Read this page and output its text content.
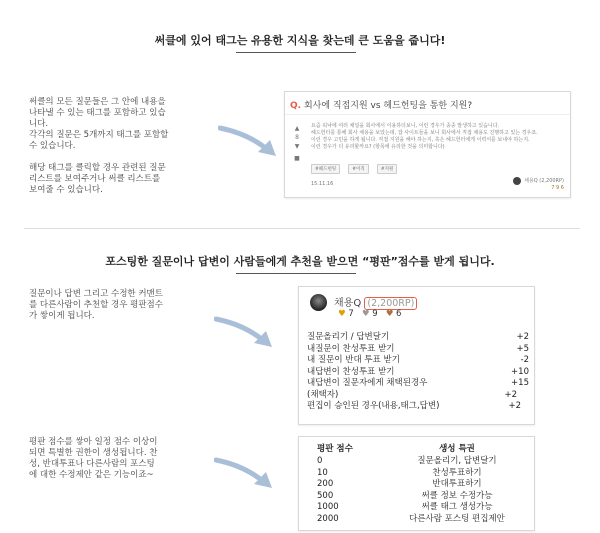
써클에 있어 태그는 유용한 지식을 찾는데 큰 도움을 줍니다!
써클의 모든 질문들은 그 안에 내용을
나타낼 수 있는 태그를 포함하고 있습
니다.
각각의 질문은 5개까지 태그를 포함할
수 있습니다.
해당 태그를 클릭할 경우 관련된 질문
리스트를 보여주거나 써클 리스트를
보여줄 수 있습니다.
Q. 회사에 직접지원 vs 헤드헌팅을 통한 지원?
▲
8
▼
■
요즘 워낙에 여러 채널을 회사에서 이용하더보니, 이런 경우가 종종 발생하고 있습니다.
헤드헌터를 통해 회사 채용을 보았는데, 잡 사이트들을 보니 회사에서 직접 채용도 진행하고 있는 경우죠.
이런 경우 고민을 하게 됩니다. 직접 지원을 해야 하는지, 혹은 헤드헌터에게 이력서를 보내야 하는지.
이런 경우가 더 유리할까요? (항목에 유리한 것을 의미합니다)
#헤드헌팅	#이직	#지원
15.11.16
채용Q (2,200RP)
7 9 6
포스팅한 질문이나 답변이 사람들에게 추천을 받으면 “평판”점수를 받게 됩니다.
질문이나 답변 그리고 수정한 커맨트
를 다른사람이 추천할 경우 평판점수
가 쌓이게 됩니다.
채용Q (2,200RP)
♥ 7 ♥ 9 ♥ 6
질문올리기 / 답변달기	+2
내질문이 찬성투표 받기	+5
내 질문이 반대 투표 받기	-2
내답변이 찬성투표 받기	+10
내답변이 질문자에게 채택된경우	+15
(채택자)	+2
편집이 승인된 경우(내용,태그,답변)	+2
평판 점수를 쌓아 일정 점수 이상이
되면 특별한 권한이 생성됩니다. 찬
성, 반대투표나 다른사람의 포스팅
에 대한 수정제안 같은 기능이죠~
평판 점수	생성 특권
0	질문올리기, 답변달기
10	찬성투표하기
200	반대투표하기
500	써클 정보 수정가능
1000	써클 태그 생성가능
2000	다른사람 포스팅 편집제안
